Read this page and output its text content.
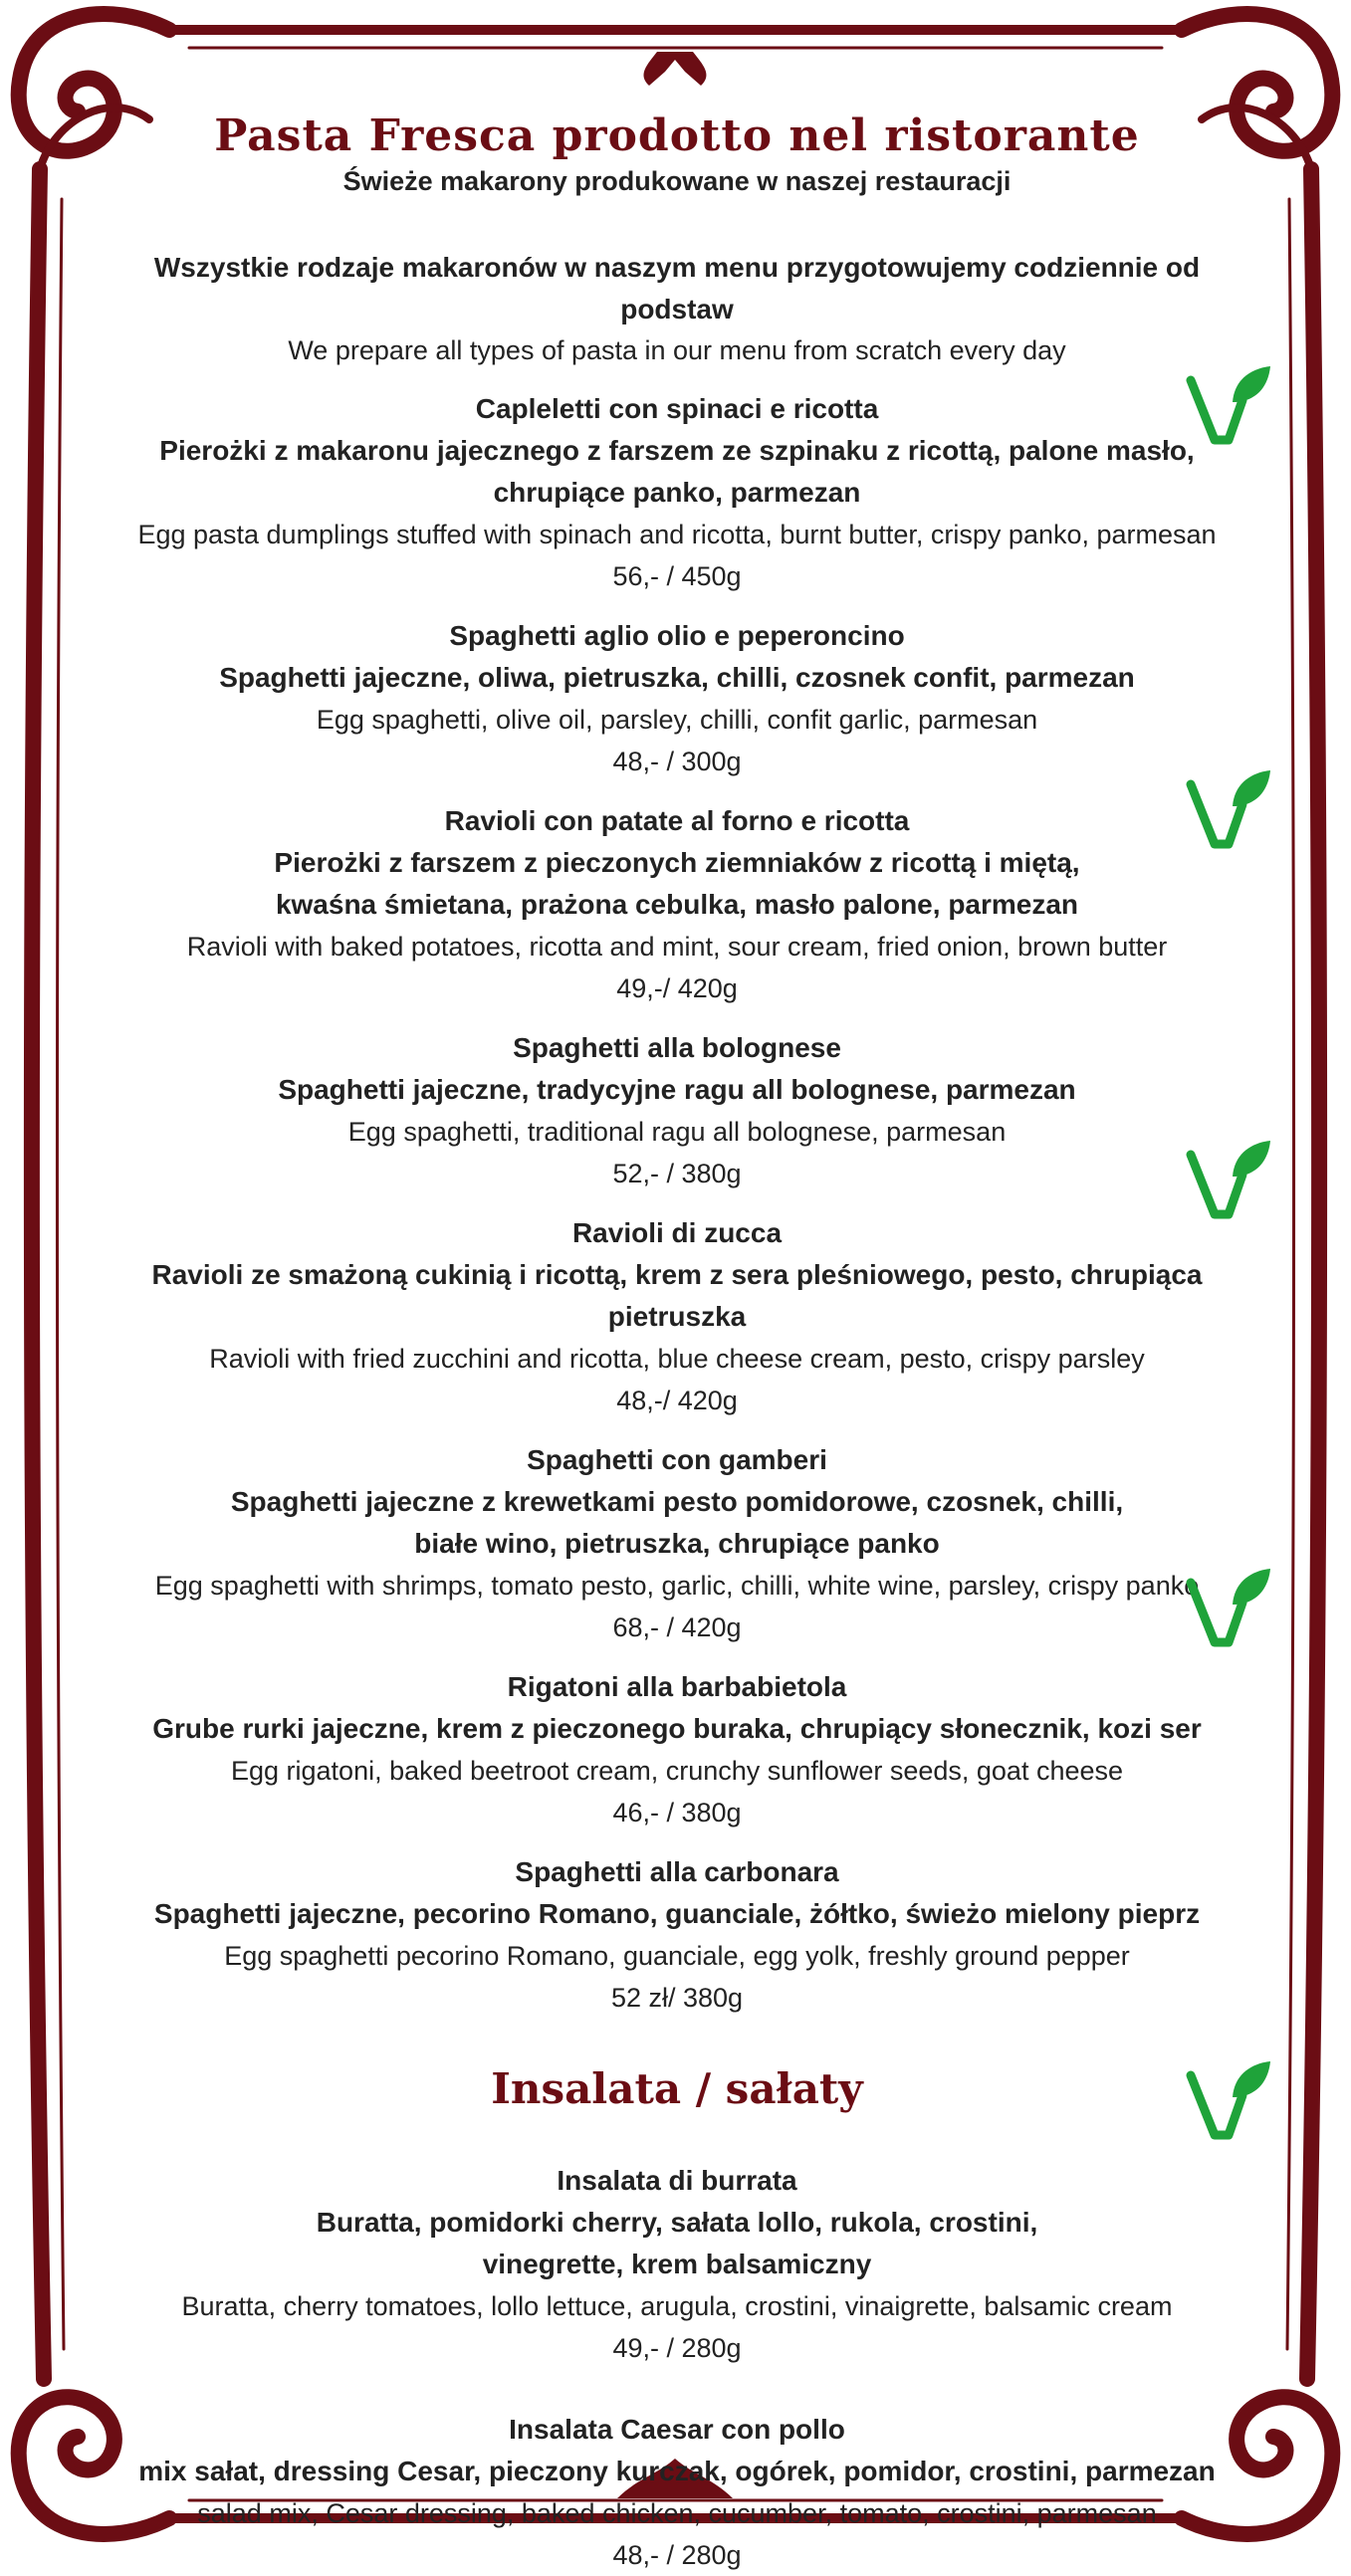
Pasta Fresca prodotto nel ristorante
Świeże makarony produkowane w naszej restauracji
Wszystkie rodzaje makaronów w naszym menu przygotowujemy codziennie od podstaw
We prepare all types of pasta in our menu from scratch every day
Capleletti con spinaci e ricotta
Pierożki z makaronu jajecznego z farszem ze szpinaku z ricottą, palone masło,
chrupiące panko, parmezan
Egg pasta dumplings stuffed with spinach and ricotta, burnt butter, crispy panko, parmesan
56,- / 450g
Spaghetti aglio olio e peperoncino
Spaghetti jajeczne, oliwa, pietruszka, chilli, czosnek confit, parmezan
Egg spaghetti, olive oil, parsley, chilli, confit garlic, parmesan
48,- / 300g
Ravioli con patate al forno e ricotta
Pierożki z farszem z pieczonych ziemniaków z ricottą i miętą,
kwaśna śmietana, prażona cebulka, masło palone, parmezan
Ravioli with baked potatoes, ricotta and mint, sour cream, fried onion, brown butter
49,-/ 420g
Spaghetti alla bolognese
Spaghetti jajeczne, tradycyjne ragu all bolognese, parmezan
Egg spaghetti, traditional ragu all bolognese, parmesan
52,- / 380g
Ravioli di zucca
Ravioli ze smażoną cukinią i ricottą, krem z sera pleśniowego, pesto, chrupiąca pietruszka
Ravioli with fried zucchini and ricotta, blue cheese cream, pesto, crispy parsley
48,-/ 420g
Spaghetti con gamberi
Spaghetti jajeczne z krewetkami pesto pomidorowe, czosnek, chilli,
białe wino, pietruszka, chrupiące panko
Egg spaghetti with shrimps, tomato pesto, garlic, chilli, white wine, parsley, crispy panko
68,- / 420g
Rigatoni alla barbabietola
Grube rurki jajeczne, krem z pieczonego buraka, chrupiący słonecznik, kozi ser
Egg rigatoni, baked beetroot cream, crunchy sunflower seeds, goat cheese
46,- / 380g
Spaghetti alla carbonara
Spaghetti jajeczne, pecorino Romano, guanciale, żółtko, świeżo mielony pieprz
Egg spaghetti pecorino Romano, guanciale, egg yolk, freshly ground pepper
52 zł/ 380g
Insalata / sałaty
Insalata di burrata
Buratta, pomidorki cherry, sałata lollo, rukola, crostini,
vinegrette, krem balsamiczny
Buratta, cherry tomatoes, lollo lettuce, arugula, crostini, vinaigrette, balsamic cream
49,- / 280g
Insalata Caesar con pollo
mix sałat, dressing Cesar, pieczony kurczak, ogórek, pomidor, crostini, parmezan
salad mix, Cesar dressing, baked chicken, cucumber, tomato, crostini, parmesan
48,- / 280g
